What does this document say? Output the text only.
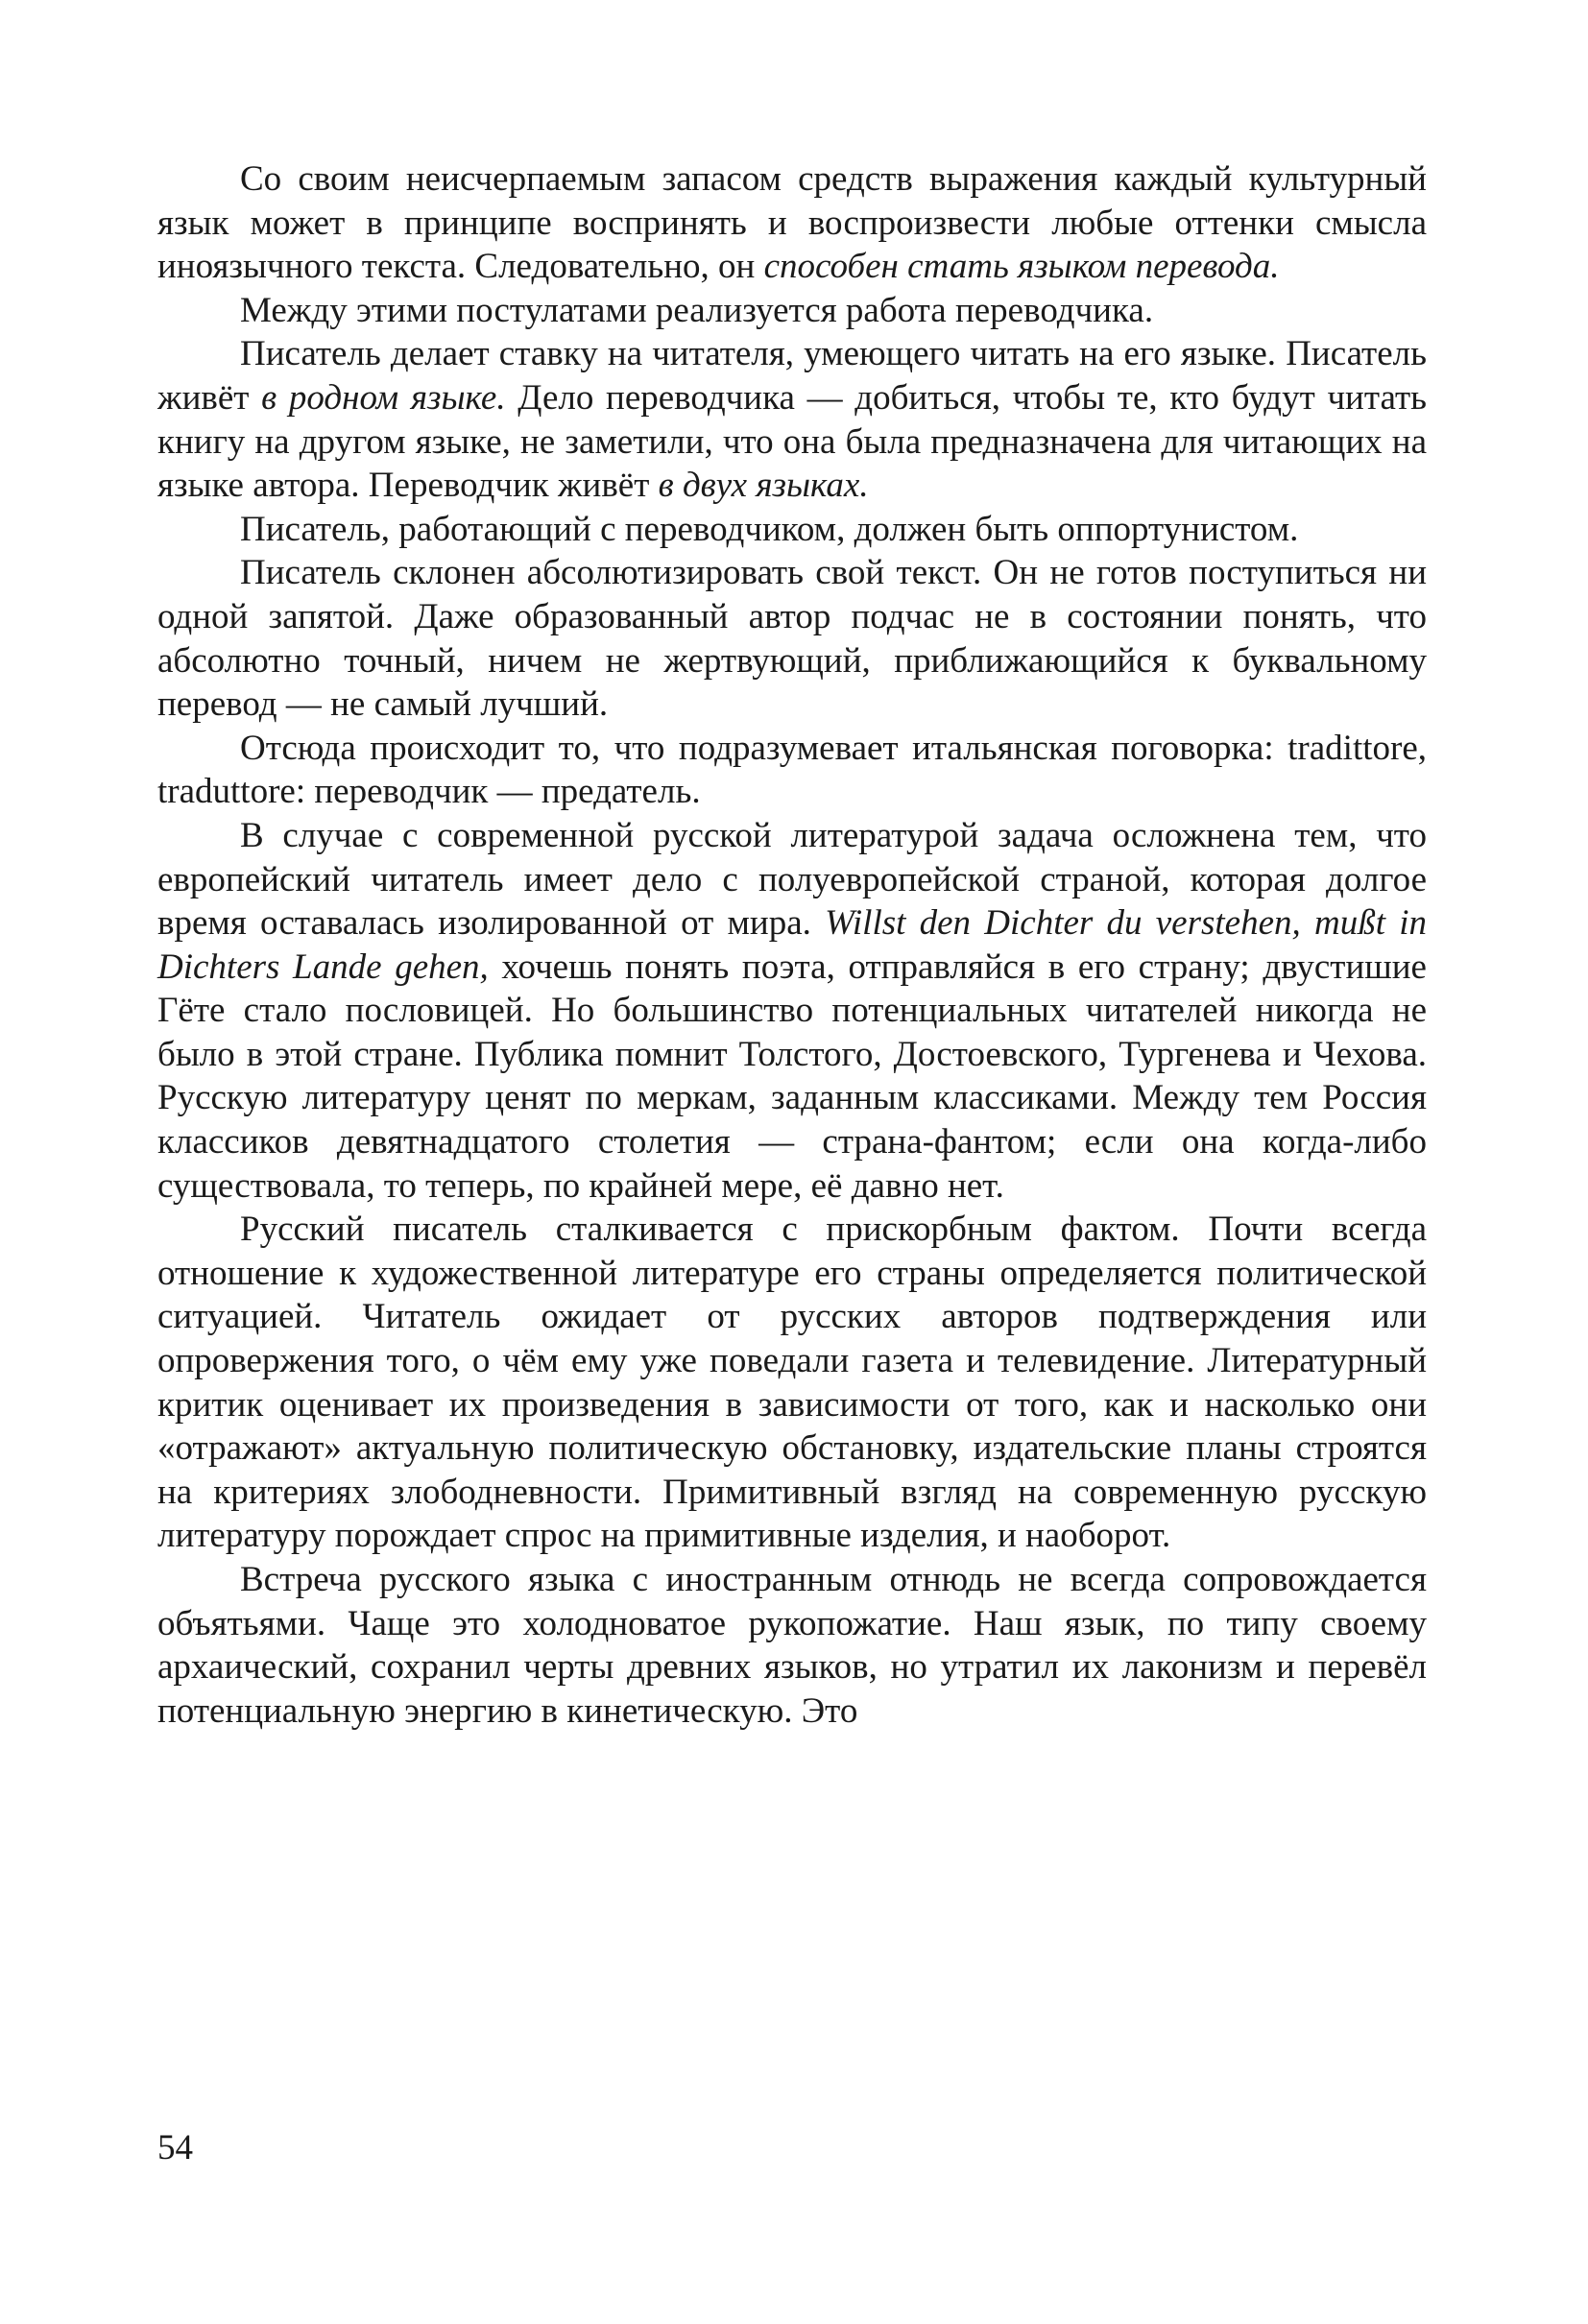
Со своим неисчерпаемым запасом средств выражения каждый культурный язык может в принципе воспринять и воспроизвести любые оттенки смысла иноязычного текста. Следовательно, он способен стать языком перевода.

Между этими постулатами реализуется работа переводчика.

Писатель делает ставку на читателя, умеющего читать на его языке. Писатель живёт в родном языке. Дело переводчика — добиться, чтобы те, кто будут читать книгу на другом языке, не заметили, что она была предназначена для читающих на языке автора. Переводчик живёт в двух языках.

Писатель, работающий с переводчиком, должен быть оппортунистом.

Писатель склонен абсолютизировать свой текст. Он не готов поступиться ни одной запятой. Даже образованный автор подчас не в состоянии понять, что абсолютно точный, ничем не жертвующий, приближающийся к буквальному перевод — не самый лучший.

Отсюда происходит то, что подразумевает итальянская поговорка: tradittore, traduttore: переводчик — предатель.

В случае с современной русской литературой задача осложнена тем, что европейский читатель имеет дело с полуевропейской страной, которая долгое время оставалась изолированной от мира. Willst den Dichter du verstehen, mußt in Dichters Lande gehen, хочешь понять поэта, отправляйся в его страну; двустишие Гёте стало пословицей. Но большинство потенциальных читателей никогда не было в этой стране. Публика помнит Толстого, Достоевского, Тургенева и Чехова. Русскую литературу ценят по меркам, заданным классиками. Между тем Россия классиков девятнадцатого столетия — страна-фантом; если она когда-либо существовала, то теперь, по крайней мере, её давно нет.

Русский писатель сталкивается с прискорбным фактом. Почти всегда отношение к художественной литературе его страны определяется политической ситуацией. Читатель ожидает от русских авторов подтверждения или опровержения того, о чём ему уже поведали газета и телевидение. Литературный критик оценивает их произведения в зависимости от того, как и насколько они «отражают» актуальную политическую обстановку, издательские планы строятся на критериях злободневности. Примитивный взгляд на современную русскую литературу порождает спрос на примитивные изделия, и наоборот.

Встреча русского языка с иностранным отнюдь не всегда сопровождается объятьями. Чаще это холодноватое рукопожатие. Наш язык, по типу своему архаический, сохранил черты древних языков, но утратил их лаконизм и перевёл потенциальную энергию в кинетическую. Это

54
